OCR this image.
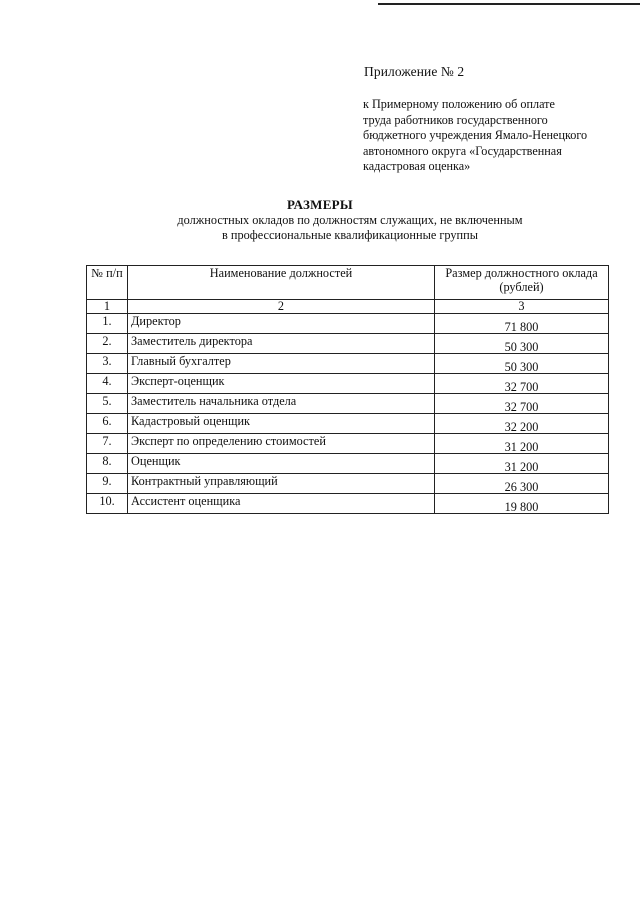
Приложение № 2
к Примерному положению об оплате
труда работников государственного
бюджетного учреждения Ямало-Ненецкого
автономного округа «Государственная
кадастровая оценка»
РАЗМЕРЫ
должностных окладов по должностям служащих, не включенным
в профессиональные квалификационные группы
№ п/п	Наименование должностей	Размер должностного оклада (рублей)
1	2	3
1.	Директор	71 800
2.	Заместитель директора	50 300
3.	Главный бухгалтер	50 300
4.	Эксперт-оценщик	32 700
5.	Заместитель начальника отдела	32 700
6.	Кадастровый оценщик	32 200
7.	Эксперт по определению стоимостей	31 200
8.	Оценщик	31 200
9.	Контрактный управляющий	26 300
10.	Ассистент оценщика	19 800
